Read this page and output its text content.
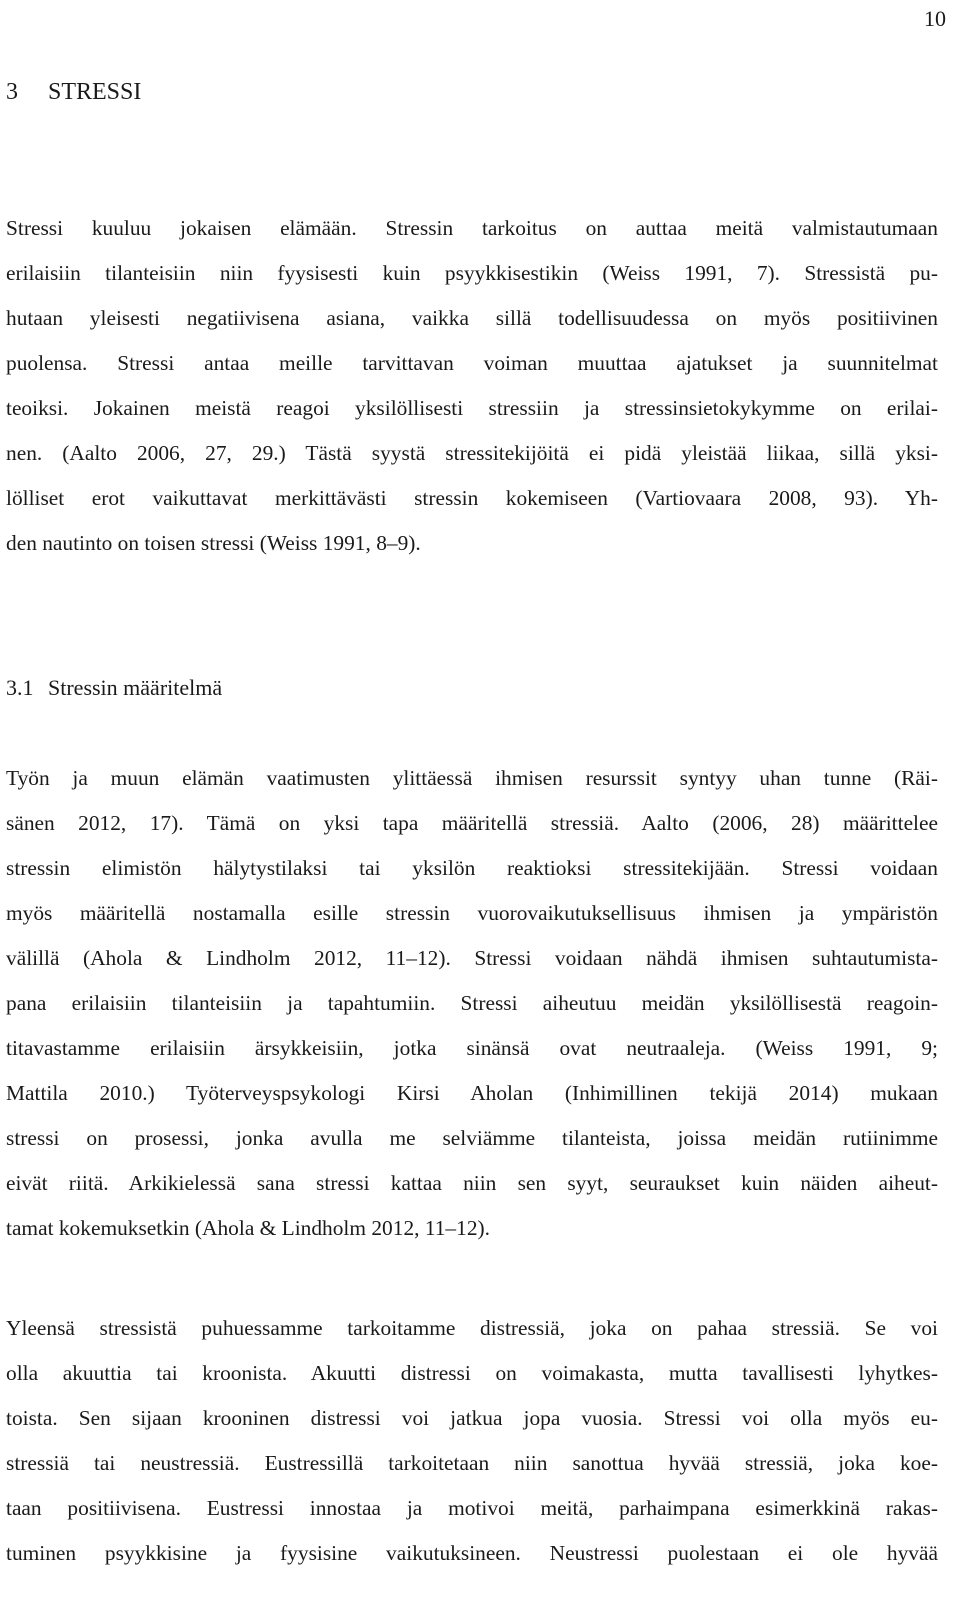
10
3 STRESSI
Stressi kuuluu jokaisen elämään. Stressin tarkoitus on auttaa meitä valmistautumaan
erilaisiin tilanteisiin niin fyysisesti kuin psyykkisestikin (Weiss 1991, 7). Stressistä pu-
hutaan yleisesti negatiivisena asiana, vaikka sillä todellisuudessa on myös positiivinen
puolensa. Stressi antaa meille tarvittavan voiman muuttaa ajatukset ja suunnitelmat
teoiksi. Jokainen meistä reagoi yksilöllisesti stressiin ja stressinsietokykymme on erilai-
nen. (Aalto 2006, 27, 29.) Tästä syystä stressitekijöitä ei pidä yleistää liikaa, sillä yksi-
lölliset erot vaikuttavat merkittävästi stressin kokemiseen (Vartiovaara 2008, 93). Yh-
den nautinto on toisen stressi (Weiss 1991, 8–9).
3.1 Stressin määritelmä
Työn ja muun elämän vaatimusten ylittäessä ihmisen resurssit syntyy uhan tunne (Räi-
sänen 2012, 17). Tämä on yksi tapa määritellä stressiä. Aalto (2006, 28) määrittelee
stressin elimistön hälytystilaksi tai yksilön reaktioksi stressitekijään. Stressi voidaan
myös määritellä nostamalla esille stressin vuorovaikutuksellisuus ihmisen ja ympäristön
välillä (Ahola & Lindholm 2012, 11–12). Stressi voidaan nähdä ihmisen suhtautumista-
pana erilaisiin tilanteisiin ja tapahtumiin. Stressi aiheutuu meidän yksilöllisestä reagoin-
titavastamme erilaisiin ärsykkeisiin, jotka sinänsä ovat neutraaleja. (Weiss 1991, 9;
Mattila 2010.) Työterveyspsykologi Kirsi Aholan (Inhimillinen tekijä 2014) mukaan
stressi on prosessi, jonka avulla me selviämme tilanteista, joissa meidän rutiinimme
eivät riitä. Arkikielessä sana stressi kattaa niin sen syyt, seuraukset kuin näiden aiheut-
tamat kokemuksetkin (Ahola & Lindholm 2012, 11–12).
Yleensä stressistä puhuessamme tarkoitamme distressiä, joka on pahaa stressiä. Se voi
olla akuuttia tai kroonista. Akuutti distressi on voimakasta, mutta tavallisesti lyhytkes-
toista. Sen sijaan krooninen distressi voi jatkua jopa vuosia. Stressi voi olla myös eu-
stressiä tai neustressiä. Eustressillä tarkoitetaan niin sanottua hyvää stressiä, joka koe-
taan positiivisena. Eustressi innostaa ja motivoi meitä, parhaimpana esimerkkinä rakas-
tuminen psyykkisine ja fyysisine vaikutuksineen. Neustressi puolestaan ei ole hyvää
